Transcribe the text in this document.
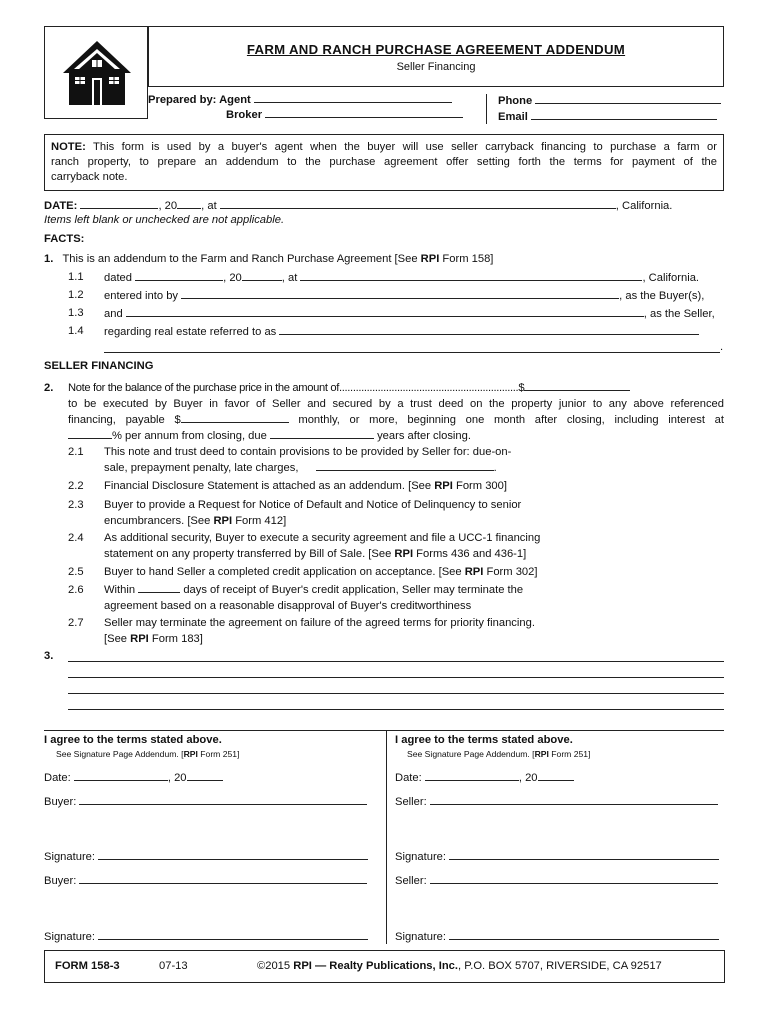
FARM AND RANCH PURCHASE AGREEMENT ADDENDUM
Seller Financing
Prepared by: Agent
Broker
Phone
Email
NOTE: This form is used by a buyer's agent when the buyer will use seller carryback financing to purchase a farm or
ranch property, to prepare an addendum to the purchase agreement offer setting forth the terms for payment of the
carryback note.
DATE:	, 20 , at	, California.
Items left blank or unchecked are not applicable.
FACTS:
1. This is an addendum to the Farm and Ranch Purchase Agreement [See RPI Form 158]
1.1	dated	, 20	, at	, California.
1.2	entered into by	, as the Buyer(s),
1.3	and	, as the Seller,
1.4	regarding real estate referred to as
.
SELLER FINANCING
2. Note for the balance of the purchase price in the amount of.................................................................$
to be executed by Buyer in favor of Seller and secured by a trust deed on the property junior to any above referenced
financing, payable $	monthly, or more, beginning one month after closing, including interest at
% per annum from closing, due	years after closing.
2.1	This note and trust deed to contain provisions to be provided by Seller for: due-on-
sale, prepayment penalty, late charges,	.
2.2	Financial Disclosure Statement is attached as an addendum. [See RPI Form 300]
2.3	Buyer to provide a Request for Notice of Default and Notice of Delinquency to senior
encumbrancers. [See RPI Form 412]
2.4	As additional security, Buyer to execute a security agreement and file a UCC-1 financing
statement on any property transferred by Bill of Sale. [See RPI Forms 436 and 436-1]
2.5	Buyer to hand Seller a completed credit application on acceptance. [See RPI Form 302]
2.6	Within	days of receipt of Buyer's credit application, Seller may terminate the
agreement based on a reasonable disapproval of Buyer's creditworthiness
2.7	Seller may terminate the agreement on failure of the agreed terms for priority financing.
[See RPI Form 183]
3.
I agree to the terms stated above.
See Signature Page Addendum. [RPI Form 251]
Date:	, 20
Buyer:
Signature:
Buyer:
Signature:
I agree to the terms stated above.
See Signature Page Addendum. [RPI Form 251]
Date:	, 20
Seller:
Signature:
Seller:
Signature:
FORM 158-3	07-13	©2015 RPI — Realty Publications, Inc., P.O. BOX 5707, RIVERSIDE, CA 92517
